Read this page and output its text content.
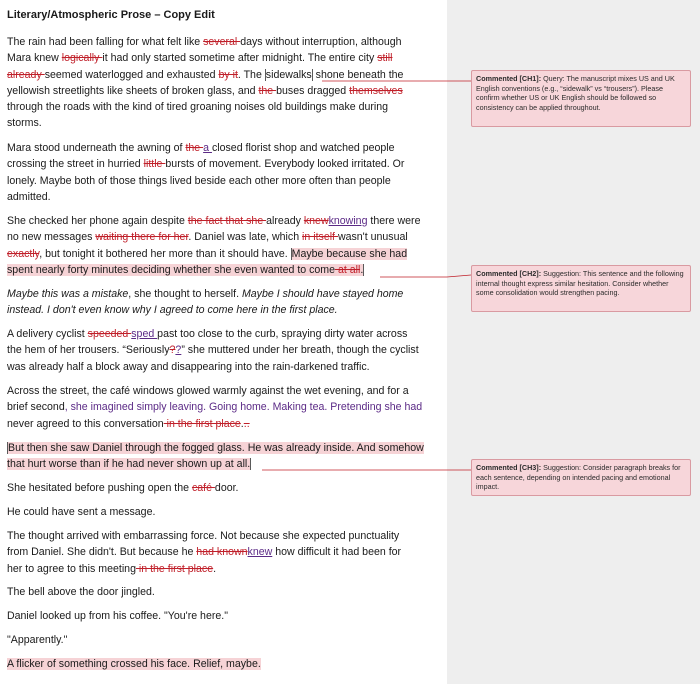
Literary/Atmospheric Prose – Copy Edit
The rain had been falling for what felt like several days without interruption, although
Mara knew logically it had only started sometime after midnight. The entire city still
already seemed waterlogged and exhausted by it. The sidewalks shone beneath the
yellowish streetlights like sheets of broken glass, and the buses dragged themselves
through the roads with the kind of tired groaning noises old buildings make during
storms.
Mara stood underneath the awning of the a closed florist shop and watched people
crossing the street in hurried little bursts of movement. Everybody looked irritated. Or
lonely. Maybe both of those things lived beside each other more often than people
admitted.
She checked her phone again despite the fact that she already knewknowing there were
no new messages waiting there for her. Daniel was late, which in itself wasn't unusual
exactly, but tonight it bothered her more than it should have. Maybe because she had
spent nearly forty minutes deciding whether she even wanted to come at all.
Maybe this was a mistake, she thought to herself. Maybe I should have stayed home
instead. I don't even know why I agreed to come here in the first place.
A delivery cyclist speeded sped past too close to the curb, spraying dirty water across
the hem of her trousers. “Seriously??” she muttered under her breath, though the cyclist
was already half a block away and disappearing into the rain-darkened traffic.
Across the street, the café windows glowed warmly against the wet evening, and for a
brief second, she imagined simply leaving. Going home. Making tea. Pretending she had
never agreed to this conversation in the first place...
But then she saw Daniel through the fogged glass. He was already inside. And somehow
that hurt worse than if he had never shown up at all.
She hesitated before pushing open the café door.
He could have sent a message.
The thought arrived with embarrassing force. Not because she expected punctuality
from Daniel. She didn't. But because he had knownknew how difficult it had been for
her to agree to this meeting in the first place.
The bell above the door jingled.
Daniel looked up from his coffee. "You're here."
"Apparently."
A flicker of something crossed his face. Relief, maybe.
Commented [CH1]: Query: The manuscript mixes US and UK English conventions (e.g., “sidewalk” vs “trousers”). Please confirm whether US or UK English should be followed so consistency can be applied throughout.
Commented [CH2]: Suggestion: This sentence and the following internal thought express similar hesitation. Consider whether some consolidation would strengthen pacing.
Commented [CH3]: Suggestion: Consider paragraph breaks for each sentence, depending on intended pacing and emotional impact.
